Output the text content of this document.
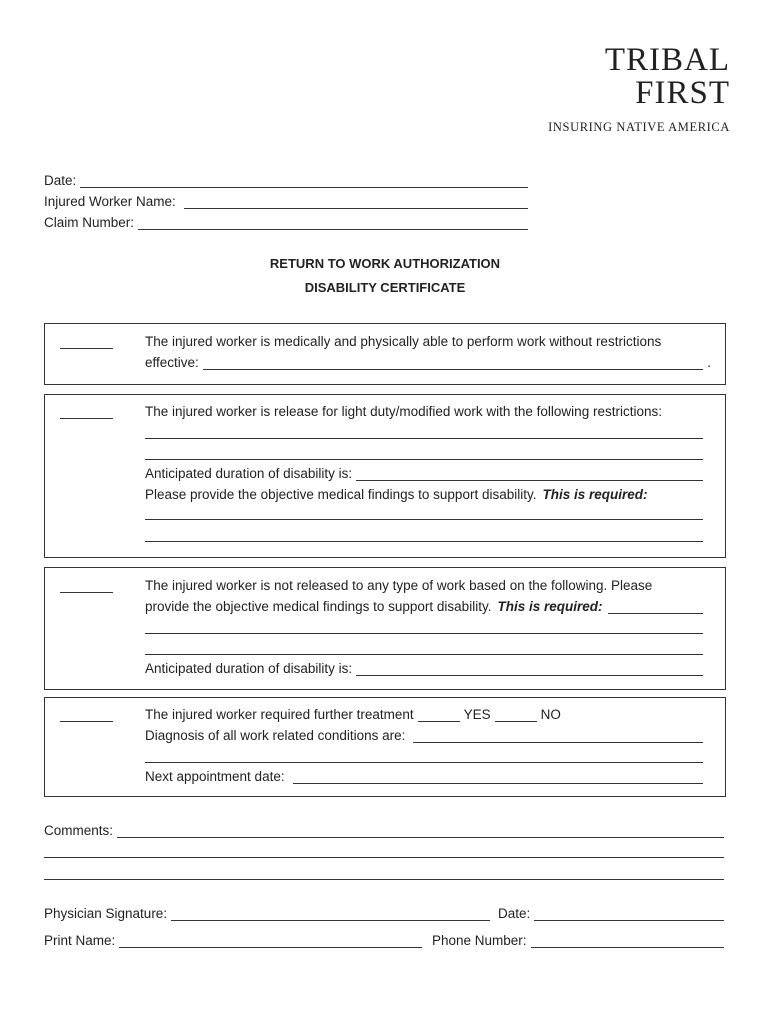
TRIBAL
FIRST
INSURING NATIVE AMERICA
Date:
Injured Worker Name:
Claim Number:
RETURN TO WORK AUTHORIZATION
DISABILITY CERTIFICATE
The injured worker is medically and physically able to perform work without restrictions
effective:	.
The injured worker is release for light duty/modified work with the following restrictions:
Anticipated duration of disability is:
Please provide the objective medical findings to support disability. This is required:
The injured worker is not released to any type of work based on the following. Please
provide the objective medical findings to support disability. This is required:
Anticipated duration of disability is:
The injured worker required further treatment	YES	NO
Diagnosis of all work related conditions are:
Next appointment date:
Comments:
Physician Signature:	Date:
Print Name:	Phone Number:
